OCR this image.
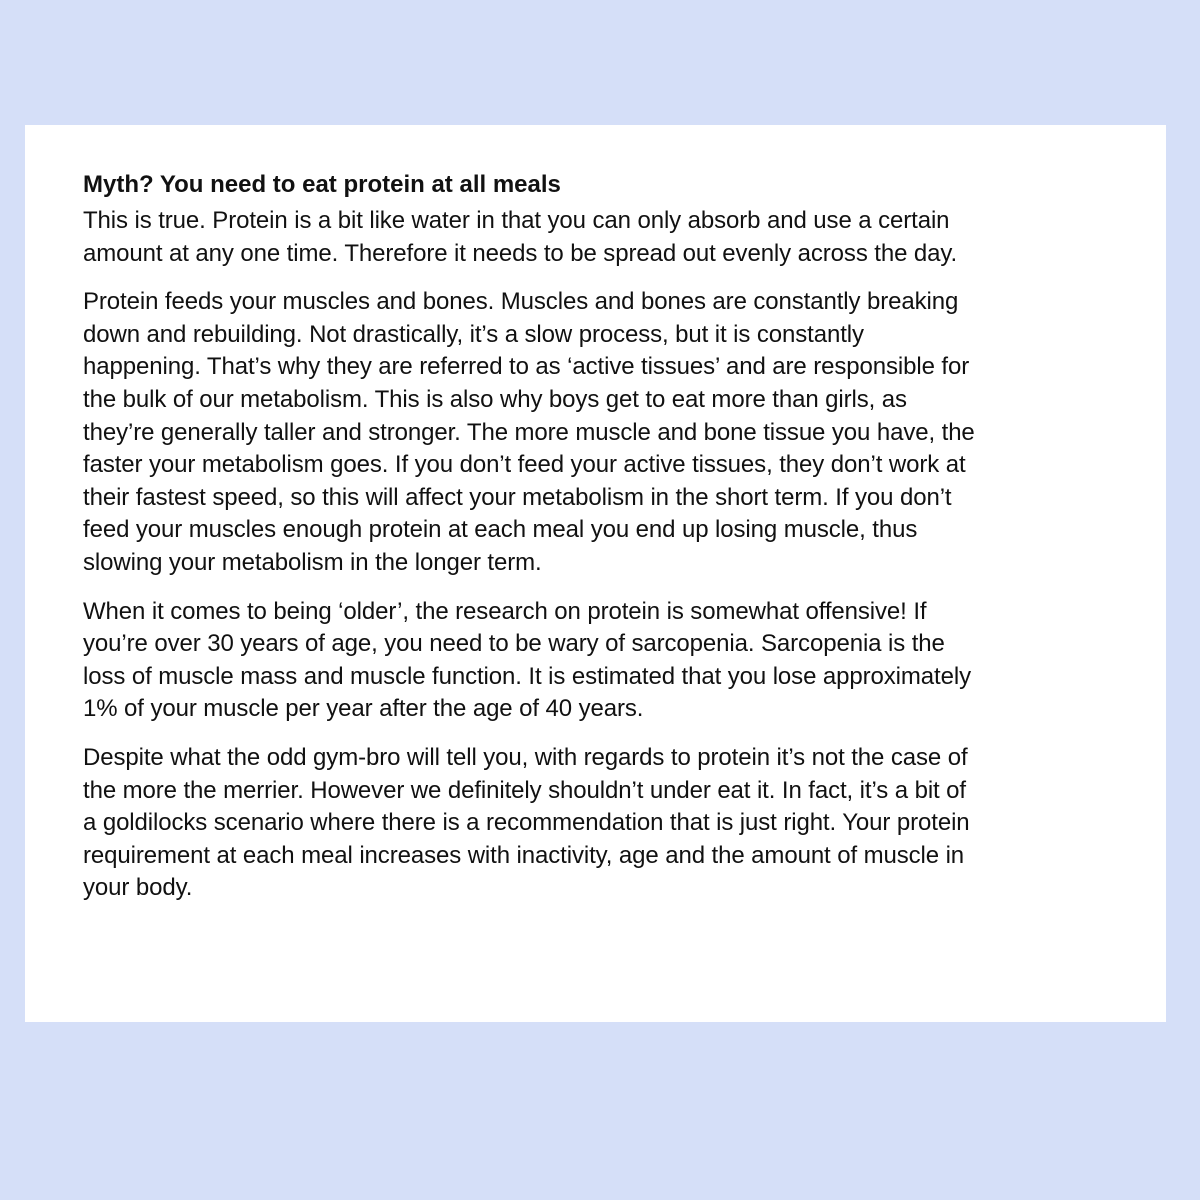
Myth? You need to eat protein at all meals

This is true. Protein is a bit like water in that you can only absorb and use a certain
amount at any one time. Therefore it needs to be spread out evenly across the day.

Protein feeds your muscles and bones. Muscles and bones are constantly breaking
down and rebuilding. Not drastically, it’s a slow process, but it is constantly
happening. That’s why they are referred to as ‘active tissues’ and are responsible for
the bulk of our metabolism. This is also why boys get to eat more than girls, as
they’re generally taller and stronger. The more muscle and bone tissue you have, the
faster your metabolism goes. If you don’t feed your active tissues, they don’t work at
their fastest speed, so this will affect your metabolism in the short term. If you don’t
feed your muscles enough protein at each meal you end up losing muscle, thus
slowing your metabolism in the longer term.

When it comes to being ‘older’, the research on protein is somewhat offensive! If
you’re over 30 years of age, you need to be wary of sarcopenia. Sarcopenia is the
loss of muscle mass and muscle function. It is estimated that you lose approximately
1% of your muscle per year after the age of 40 years.

Despite what the odd gym-bro will tell you, with regards to protein it’s not the case of
the more the merrier. However we definitely shouldn’t under eat it. In fact, it’s a bit of
a goldilocks scenario where there is a recommendation that is just right. Your protein
requirement at each meal increases with inactivity, age and the amount of muscle in
your body.
